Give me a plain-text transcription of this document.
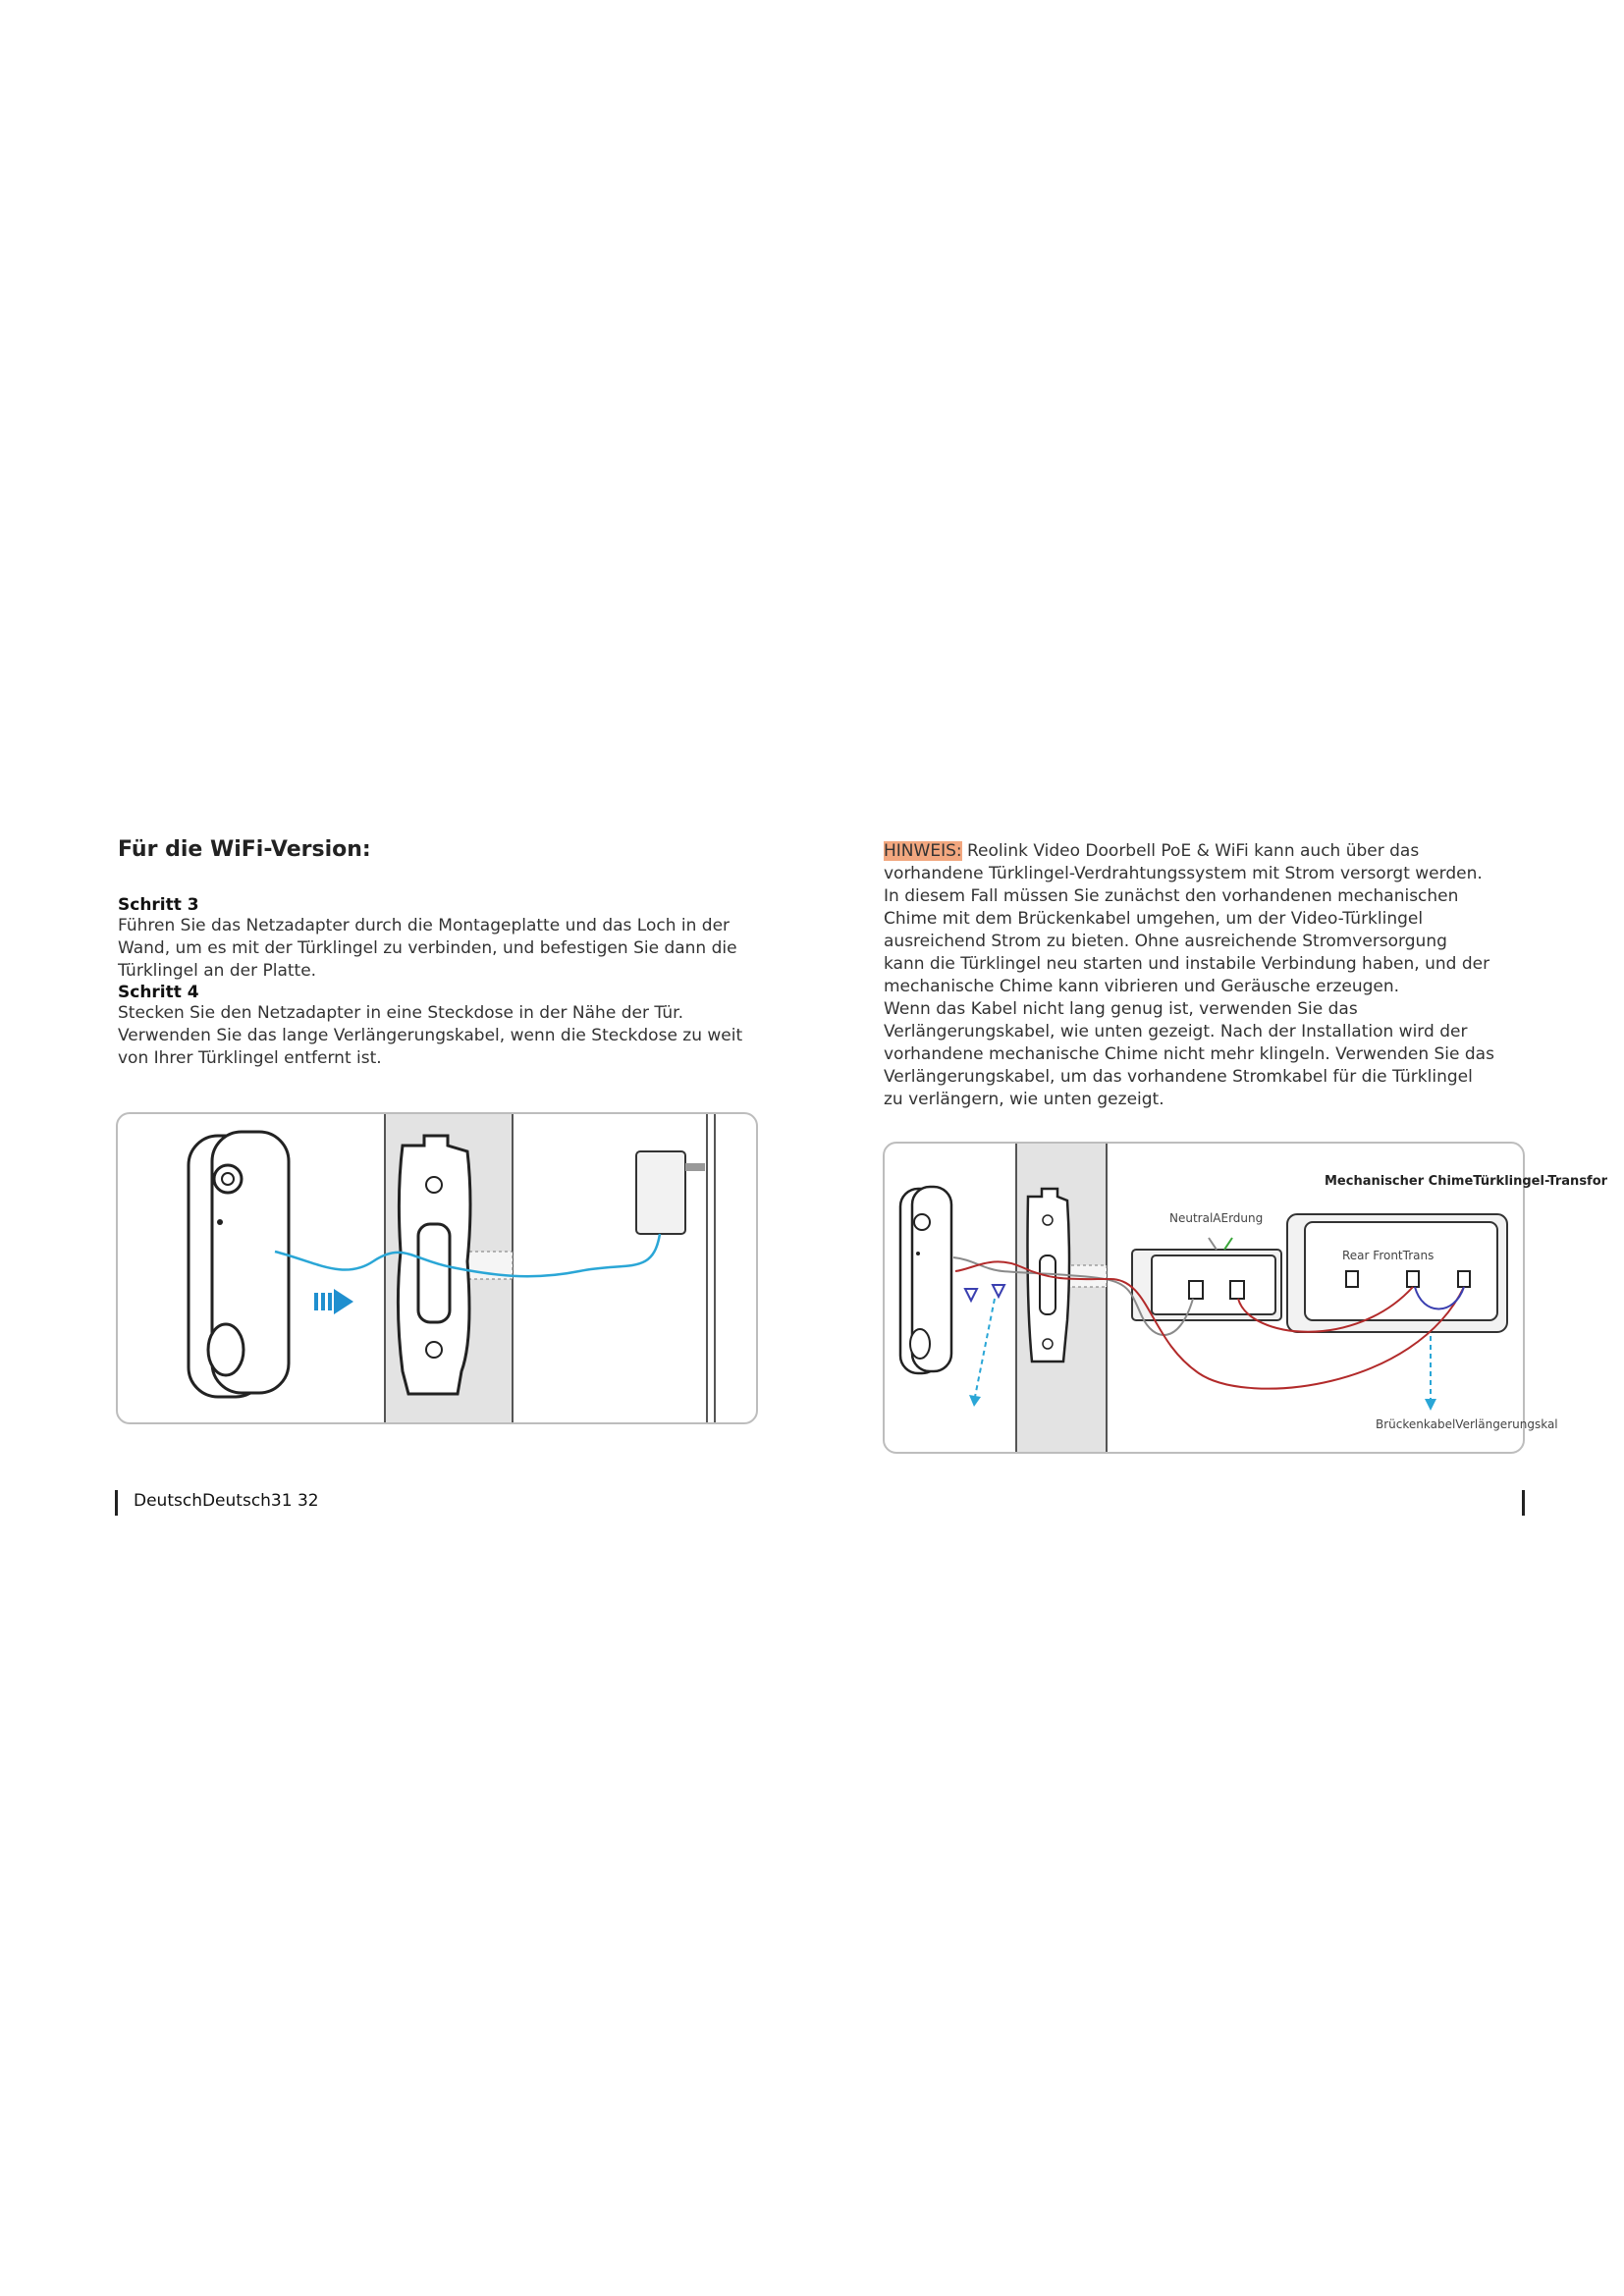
Für die WiFi-Version:
Schritt 3
Führen Sie das Netzadapter durch die Montageplatte und das Loch in der
Wand, um es mit der Türklingel zu verbinden, und befestigen Sie dann die
Türklingel an der Platte.
Schritt 4
Stecken Sie den Netzadapter in eine Steckdose in der Nähe der Tür.
Verwenden Sie das lange Verlängerungskabel, wenn die Steckdose zu weit
von Ihrer Türklingel entfernt ist.
HINWEIS: Reolink Video Doorbell PoE & WiFi kann auch über das
vorhandene Türklingel-Verdrahtungssystem mit Strom versorgt werden.
In diesem Fall müssen Sie zunächst den vorhandenen mechanischen
Chime mit dem Brückenkabel umgehen, um der Video-Türklingel
ausreichend Strom zu bieten. Ohne ausreichende Stromversorgung
kann die Türklingel neu starten und instabile Verbindung haben, und der
mechanische Chime kann vibrieren und Geräusche erzeugen.
Wenn das Kabel nicht lang genug ist, verwenden Sie das
Verlängerungskabel, wie unten gezeigt. Nach der Installation wird der
vorhandene mechanische Chime nicht mehr klingeln. Verwenden Sie das
Verlängerungskabel, um das vorhandene Stromkabel für die Türklingel
zu verlängern, wie unten gezeigt.
Mechanischer ChimeTürklingel-Transfor
NeutralAErdung
Rear FrontTrans
BrückenkabelVerlängerungskal
DeutschDeutsch31 32
